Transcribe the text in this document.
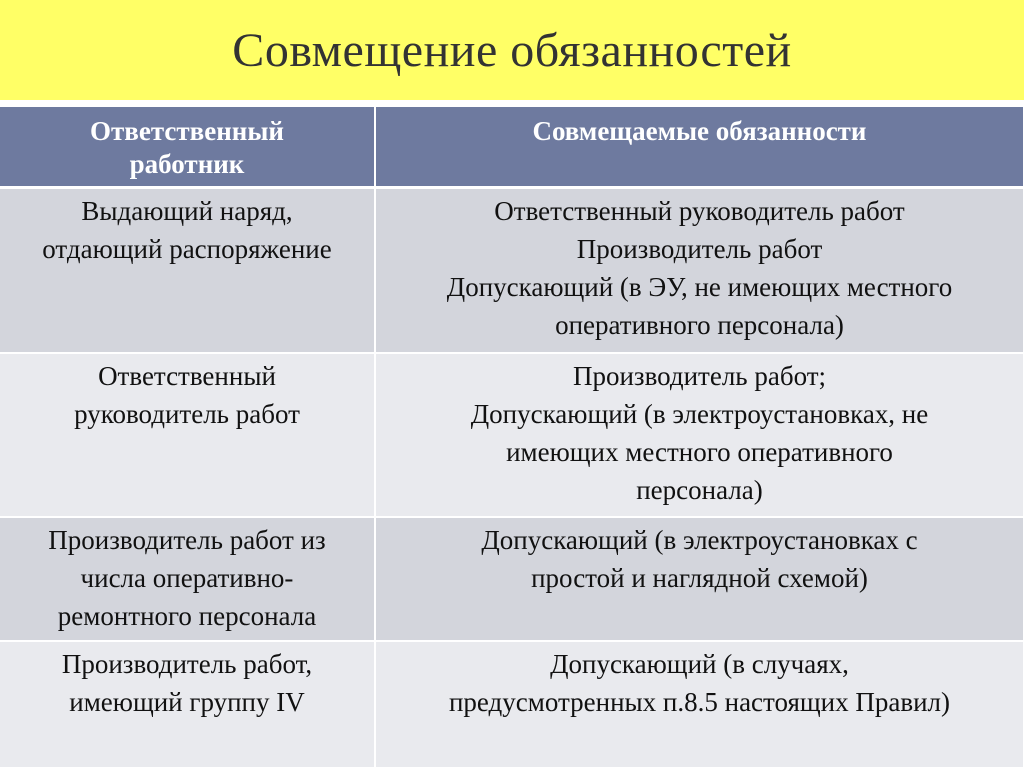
Совмещение обязанностей
Ответственный
работник	Совмещаемые обязанности

Выдающий наряд,
отдающий распоряжение	Ответственный руководитель работ
Производитель работ
Допускающий (в ЭУ, не имеющих местного
оперативного персонала)

Ответственный
руководитель работ	Производитель работ;
Допускающий (в электроустановках, не
имеющих местного оперативного
персонала)

Производитель работ из
числа оперативно-
ремонтного персонала	Допускающий (в электроустановках с
простой и наглядной схемой)

Производитель работ,
имеющий группу IV	Допускающий (в случаях,
предусмотренных п.8.5 настоящих Правил)
